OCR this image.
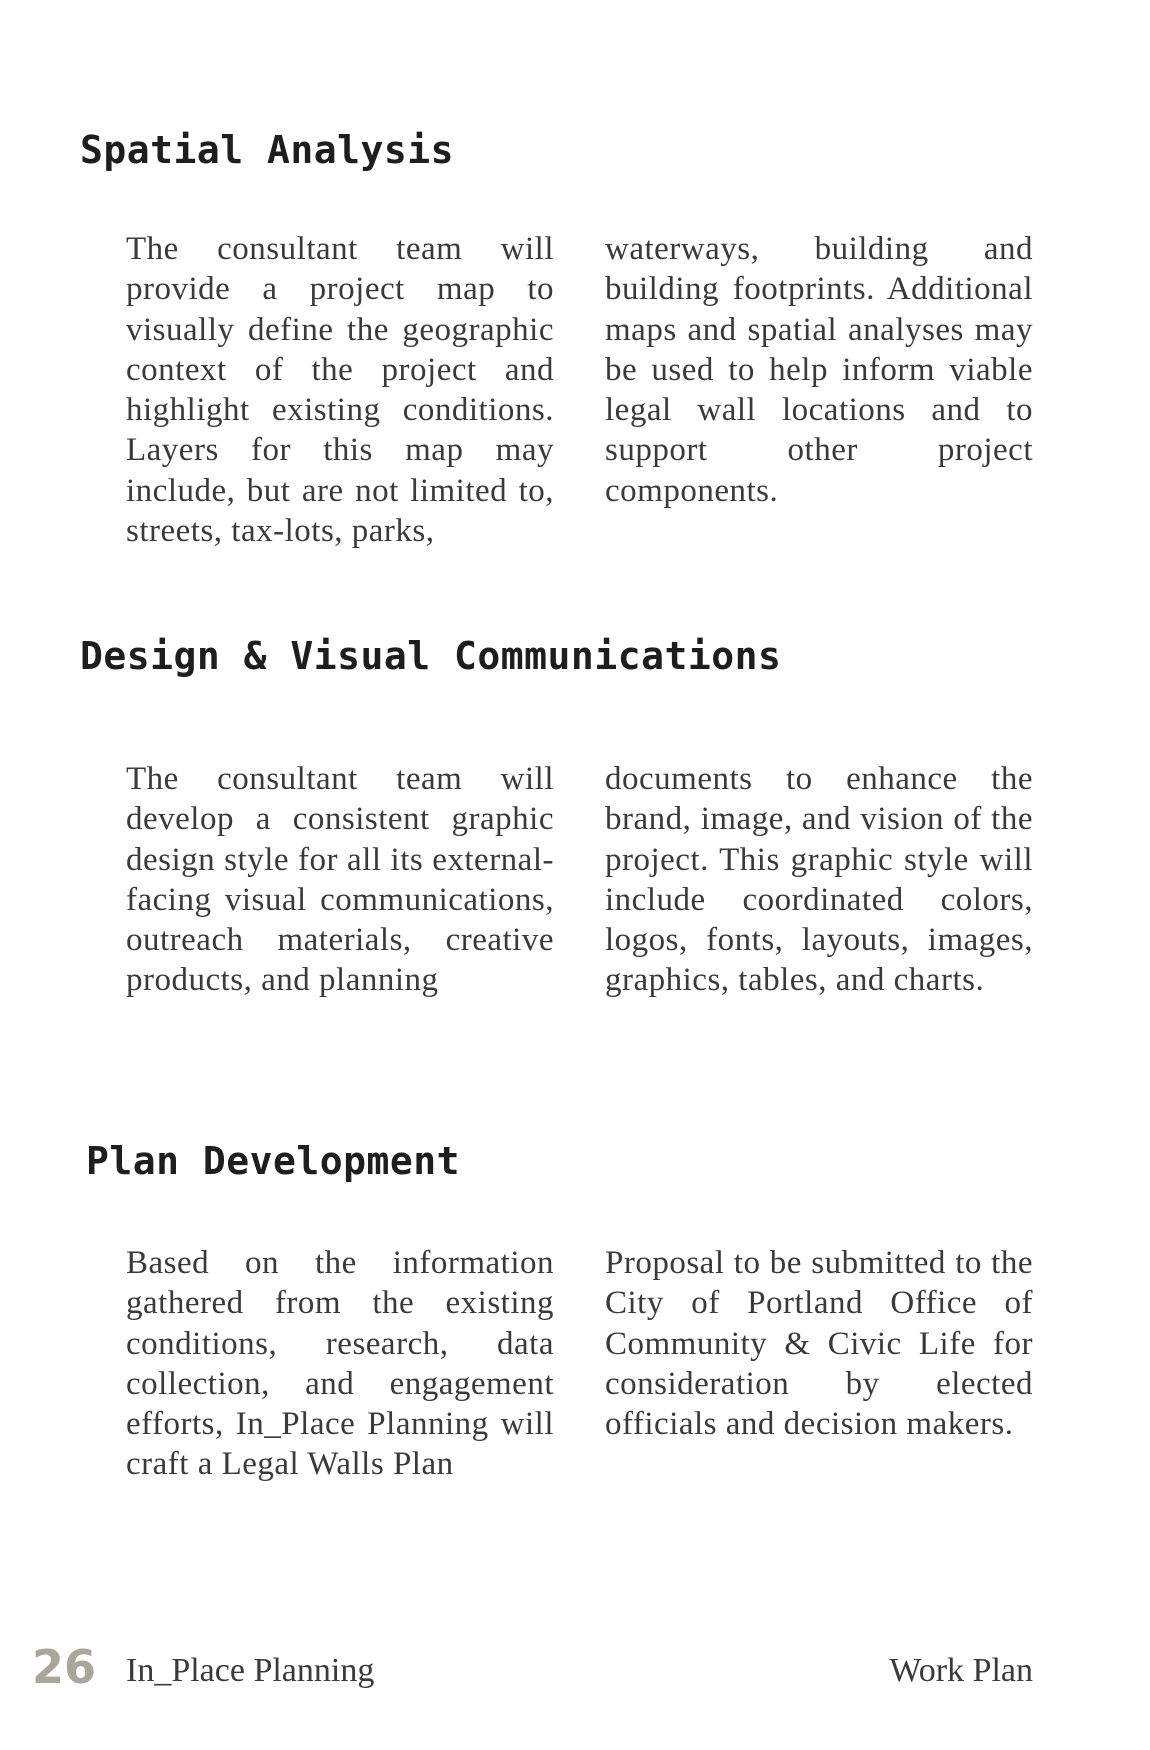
Spatial Analysis

The consultant team will provide a project map to visually define the geographic context of the project and highlight existing conditions. Layers for this map may include, but are not limited to, streets, tax-lots, parks,

waterways, building and building footprints. Additional maps and spatial analyses may be used to help inform viable legal wall locations and to support other project components.

Design & Visual Communications

The consultant team will develop a consistent graphic design style for all its external-facing visual communications, outreach materials, creative products, and planning

documents to enhance the brand, image, and vision of the project. This graphic style will include coordinated colors, logos, fonts, layouts, images, graphics, tables, and charts.

Plan Development

Based on the information gathered from the existing conditions, research, data collection, and engagement efforts, In_Place Planning will craft a Legal Walls Plan

Proposal to be submitted to the City of Portland Office of Community & Civic Life for consideration by elected officials and decision makers.

26 In_Place Planning	Work Plan
